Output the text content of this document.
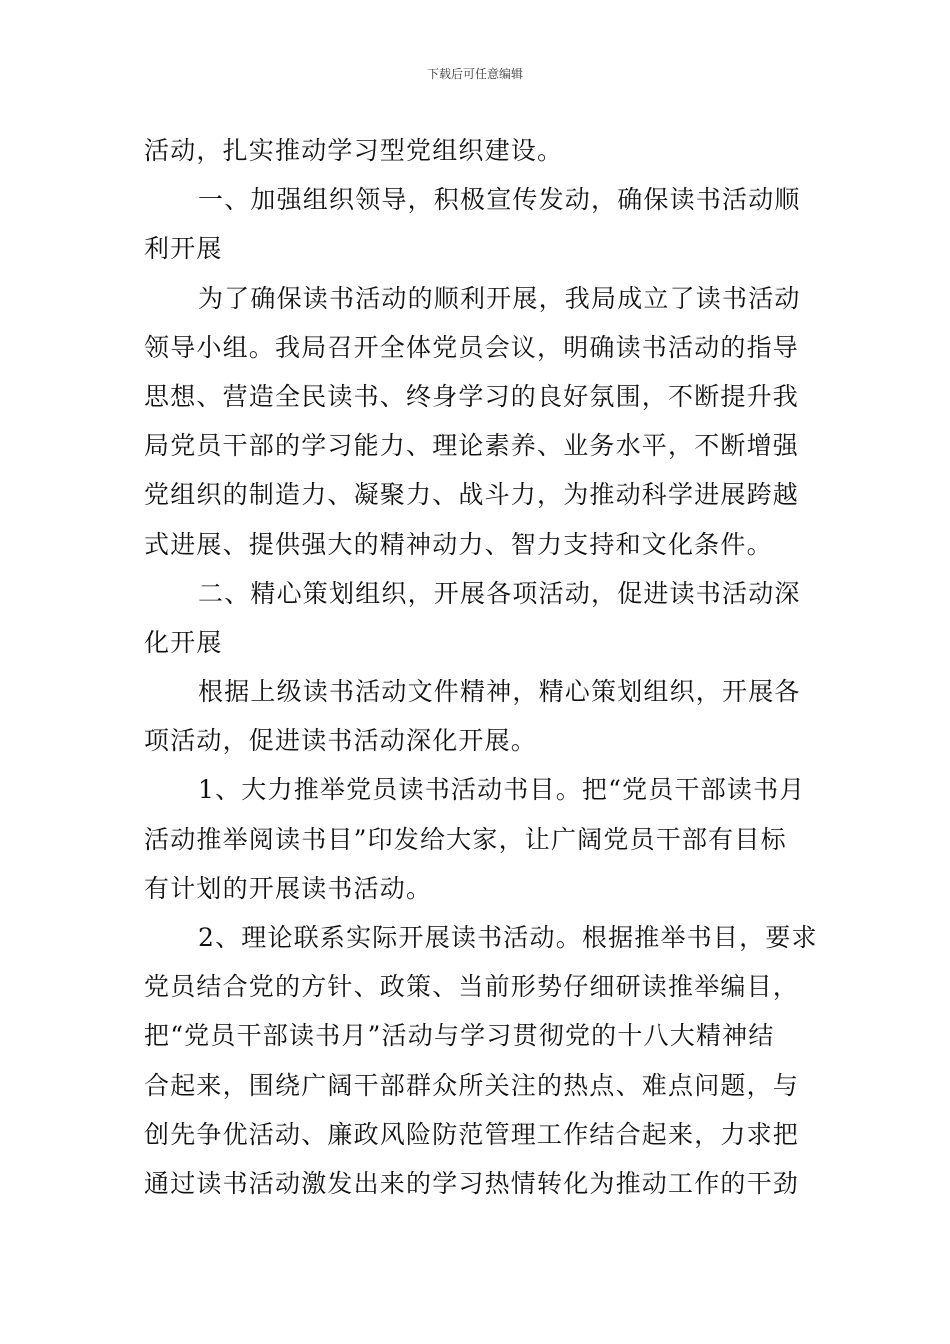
下载后可任意编辑
活动，扎实推动学习型党组织建设。
一、加强组织领导，积极宣传发动，确保读书活动顺
利开展
为了确保读书活动的顺利开展，我局成立了读书活动
领导小组。我局召开全体党员会议，明确读书活动的指导
思想、营造全民读书、终身学习的良好氛围，不断提升我
局党员干部的学习能力、理论素养、业务水平，不断增强
党组织的制造力、凝聚力、战斗力，为推动科学进展跨越
式进展、提供强大的精神动力、智力支持和文化条件。
二、精心策划组织，开展各项活动，促进读书活动深
化开展
根据上级读书活动文件精神，精心策划组织，开展各
项活动，促进读书活动深化开展。
1、大力推举党员读书活动书目。把“党员干部读书月
活动推举阅读书目”印发给大家，让广阔党员干部有目标
有计划的开展读书活动。
2、理论联系实际开展读书活动。根据推举书目，要求
党员结合党的方针、政策、当前形势仔细研读推举编目，
把“党员干部读书月”活动与学习贯彻党的十八大精神结
合起来，围绕广阔干部群众所关注的热点、难点问题，与
创先争优活动、廉政风险防范管理工作结合起来，力求把
通过读书活动激发出来的学习热情转化为推动工作的干劲
